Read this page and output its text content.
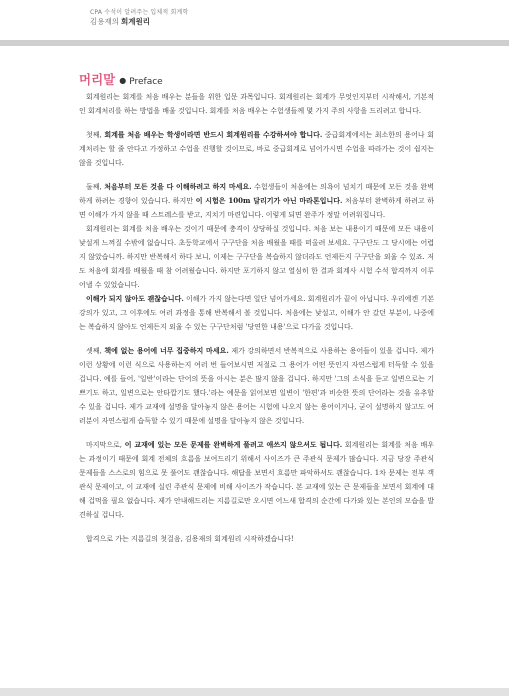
CPA 수석이 알려주는 입체적 회계학
김용재의 회계원리
머리말 ● Preface

회계원리는 회계를 처음 배우는 분들을 위한 입문 과목입니다. 회계원리는 회계가 무엇인지부터 시작해서, 기본적인 회계처리를 하는 방법을 배울 것입니다. 회계를 처음 배우는 수험생들께 몇 가지 주의 사항을 드리려고 합니다.

첫째, 회계를 처음 배우는 학생이라면 반드시 회계원리를 수강하셔야 합니다. 중급회계에서는 최소한의 용어나 회계처리는 할 줄 안다고 가정하고 수업을 진행할 것이므로, 바로 중급회계로 넘어가시면 수업을 따라가는 것이 쉽지는 않을 것입니다.

둘째, 처음부터 모든 것을 다 이해하려고 하지 마세요. 수험생들이 처음에는 의욕이 넘치기 때문에 모든 것을 완벽하게 하려는 경향이 있습니다. 하지만 이 시험은 100m 달리기가 아닌 마라톤입니다. 처음부터 완벽하게 하려고 하면 이해가 가지 않을 때 스트레스를 받고, 지치기 마련입니다. 이렇게 되면 완주가 정말 어려워집니다.

회계원리는 회계를 처음 배우는 것이기 때문에 충격이 상당하실 것입니다. 처음 보는 내용이기 때문에 모든 내용이 낯설게 느껴질 수밖에 없습니다. 초등학교에서 구구단을 처음 배웠을 때를 떠올려 보세요. 구구단도 그 당시에는 어렵지 않았습니까. 하지만 반복해서 하다 보니, 이제는 구구단을 복습하지 않더라도 언제든지 구구단을 외울 수 있죠. 저도 처음에 회계를 배웠을 때 참 어려웠습니다. 하지만 포기하지 않고 열심히 한 결과 회계사 시험 수석 합격까지 이루어낼 수 있었습니다.

이해가 되지 않아도 괜찮습니다. 이해가 가지 않는다면 일단 넘어가세요. 회계원리가 끝이 아닙니다. 우리에겐 기본 강의가 있고, 그 이후에도 여러 과정을 통해 반복해서 볼 것입니다. 처음에는 낯설고, 이해가 안 갔던 부분이, 나중에는 복습하지 않아도 언제든지 외울 수 있는 구구단처럼 '당연한 내용'으로 다가올 것입니다.

셋째, 책에 없는 용어에 너무 집중하지 마세요. 제가 강의하면서 반복적으로 사용하는 용어들이 있을 겁니다. 제가 이런 상황에 이런 식으로 사용하는지 여러 번 들어보시면 저절로 그 용어가 어떤 뜻인지 자연스럽게 터득할 수 있을 겁니다. 예를 들어, '일반'이라는 단어의 뜻을 아시는 분은 많지 않을 겁니다. 하지만 '그의 소식을 듣고 일변으로는 기쁘기도 하고, 일변으로는 안타깝기도 했다.'라는 예문을 읽어보면 일변이 '한편'과 비슷한 뜻의 단어라는 것을 유추할 수 있을 겁니다. 제가 교재에 설명을 달아놓지 않은 용어는 시험에 나오지 않는 용어이거나, 굳이 설명하지 않고도 여러분이 자연스럽게 습득할 수 있기 때문에 설명을 달아놓지 않은 것입니다.

마지막으로, 이 교재에 있는 모든 문제를 완벽하게 풀려고 애쓰지 않으셔도 됩니다. 회계원리는 회계를 처음 배우는 과정이기 때문에 회계 전체의 흐름을 보여드리기 위해서 사이즈가 큰 주관식 문제가 많습니다. 지금 당장 주관식 문제들을 스스로의 힘으로 못 풀어도 괜찮습니다. 해답을 보면서 흐름만 파악하셔도 괜찮습니다. 1차 문제는 전부 객관식 문제이고, 이 교재에 실린 주관식 문제에 비해 사이즈가 작습니다. 본 교재에 있는 큰 문제들을 보면서 회계에 대해 겁먹을 필요 없습니다. 제가 안내해드리는 지름길로만 오시면 어느새 합격의 순간에 다가와 있는 본인의 모습을 발견하실 겁니다.

합격으로 가는 지름길의 첫걸음, 김용재의 회계원리 시작하겠습니다!
